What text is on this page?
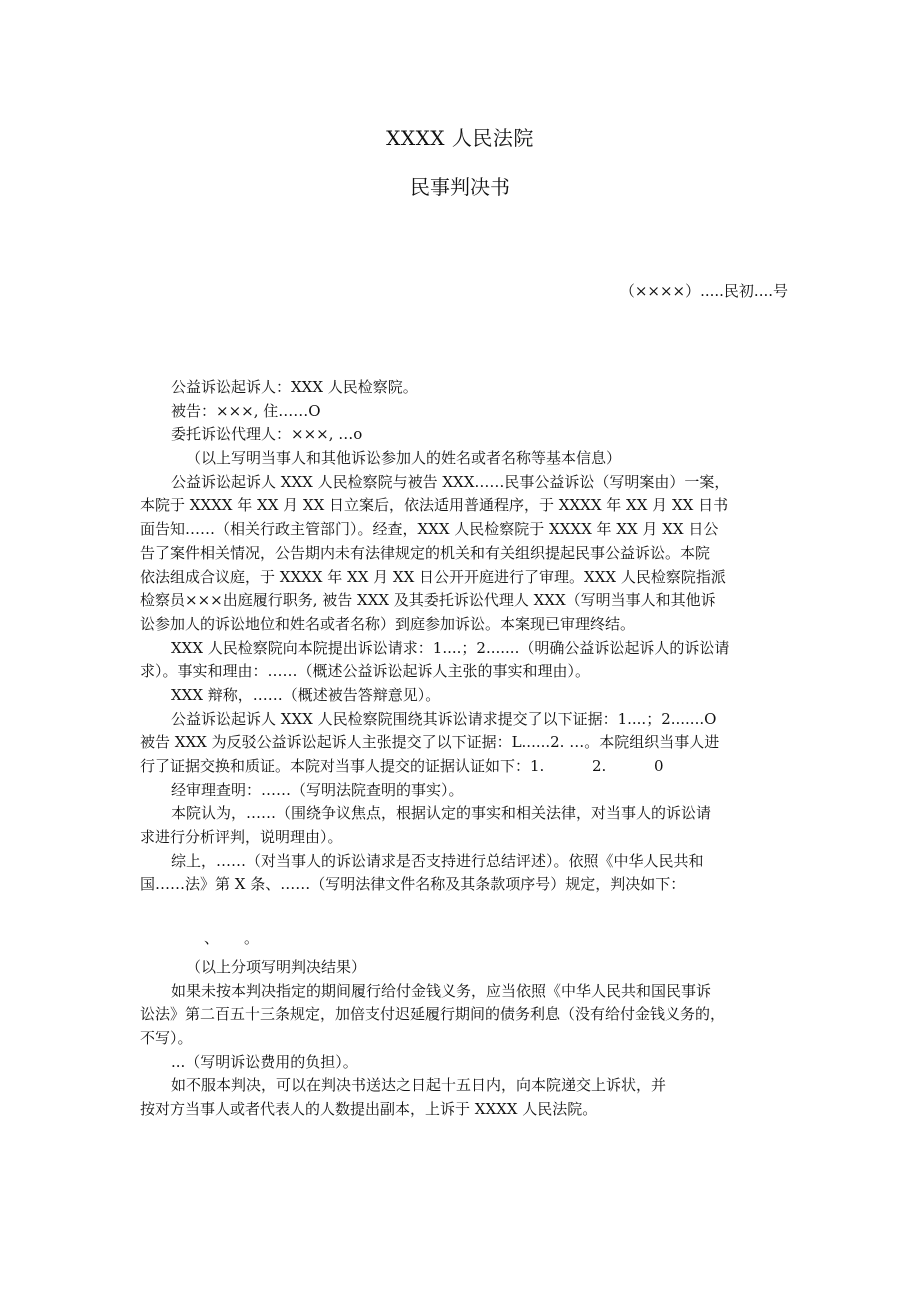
XXXX 人民法院
民事判决书
（××××）.....民初....号
公益诉讼起诉人：XXX 人民检察院。
被告：×××, 住……O
委托诉讼代理人：×××, …o
（以上写明当事人和其他诉讼参加人的姓名或者名称等基本信息）
公益诉讼起诉人 XXX 人民检察院与被告 XXX……民事公益诉讼（写明案由）一案，
本院于 XXXX 年 XX 月 XX 日立案后，依法适用普通程序，于 XXXX 年 XX 月 XX 日书
面告知……（相关行政主管部门）。经查，XXX 人民检察院于 XXXX 年 XX 月 XX 日公
告了案件相关情况，公告期内未有法律规定的机关和有关组织提起民事公益诉讼。本院
依法组成合议庭，于 XXXX 年 XX 月 XX 日公开开庭进行了审理。XXX 人民检察院指派
检察员×××出庭履行职务, 被告 XXX 及其委托诉讼代理人 XXX（写明当事人和其他诉
讼参加人的诉讼地位和姓名或者名称）到庭参加诉讼。本案现已审理终结。
XXX 人民检察院向本院提出诉讼请求：1....；2.......（明确公益诉讼起诉人的诉讼请
求）。事实和理由：……（概述公益诉讼起诉人主张的事实和理由）。
XXX 辩称，……（概述被告答辩意见）。
公益诉讼起诉人 XXX 人民检察院围绕其诉讼请求提交了以下证据：1....；2.......O
被告 XXX 为反驳公益诉讼起诉人主张提交了以下证据：L......2. …。本院组织当事人进
行了证据交换和质证。本院对当事人提交的证据认证如下：1.          2.          0
经审理查明：……（写明法院查明的事实）。
本院认为，……（围绕争议焦点，根据认定的事实和相关法律，对当事人的诉讼请
求进行分析评判，说明理由）。
综上，……（对当事人的诉讼请求是否支持进行总结评述）。依照《中华人民共和
国……法》第 X 条、……（写明法律文件名称及其条款项序号）规定，判决如下：
、 。
（以上分项写明判决结果）
如果未按本判决指定的期间履行给付金钱义务，应当依照《中华人民共和国民事诉
讼法》第二百五十三条规定，加倍支付迟延履行期间的债务利息（没有给付金钱义务的，
不写）。
...（写明诉讼费用的负担）。
如不服本判决，可以在判决书送达之日起十五日内，向本院递交上诉状，并
按对方当事人或者代表人的人数提出副本，上诉于 XXXX 人民法院。
